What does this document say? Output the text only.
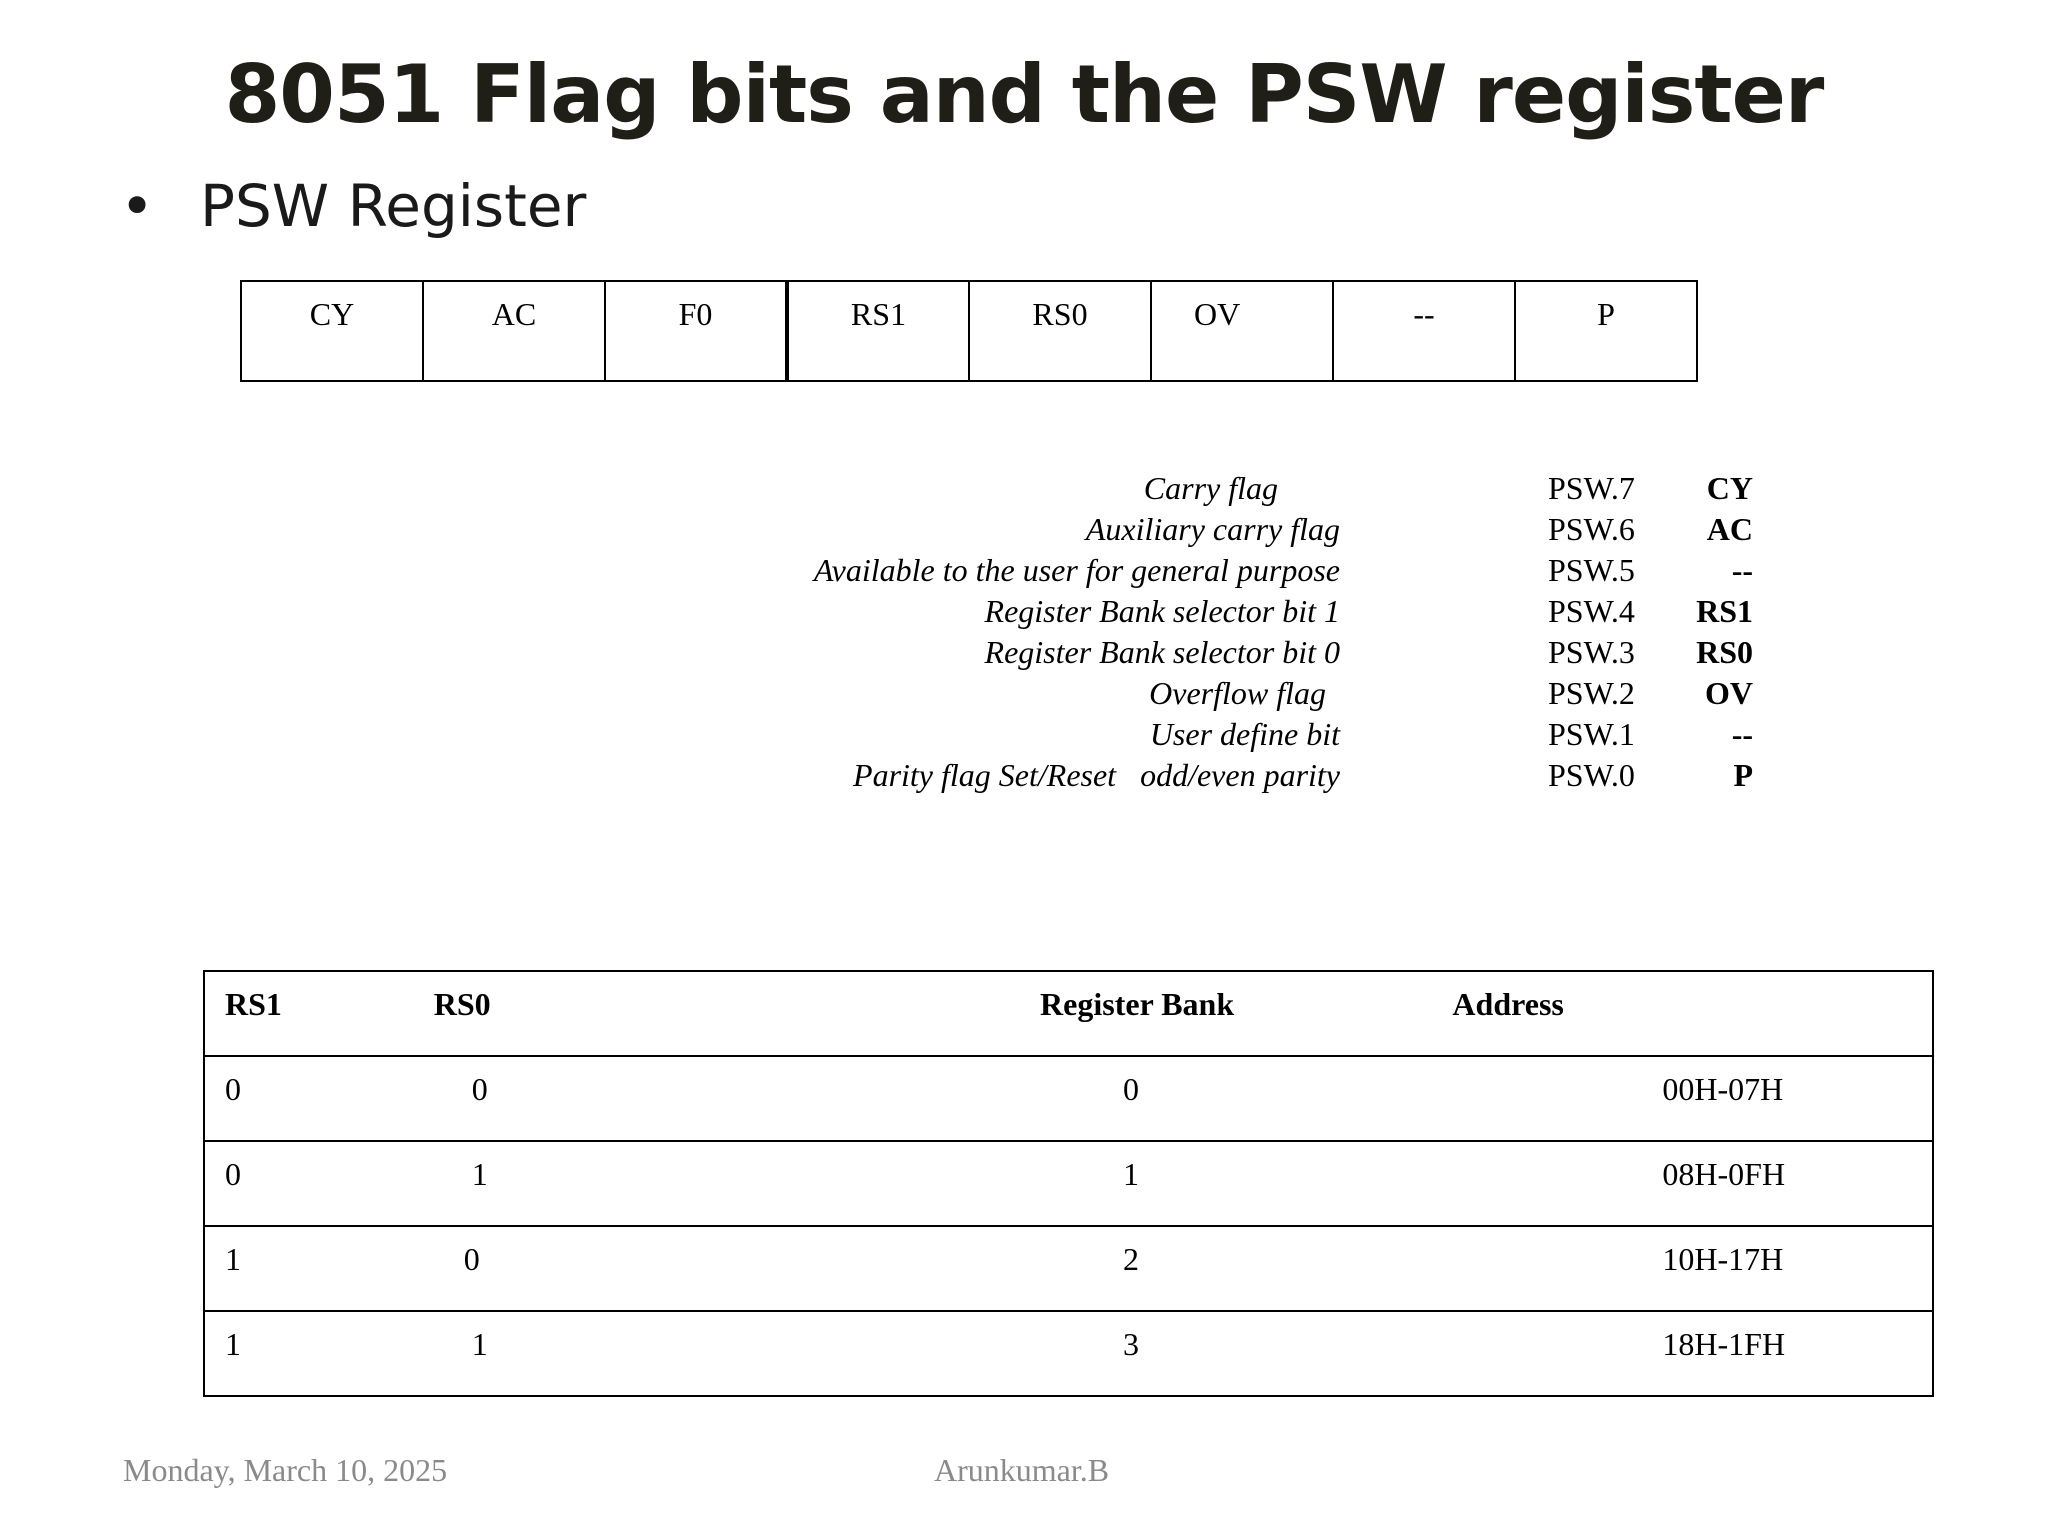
8051 Flag bits and the PSW register
• PSW Register
CY	AC	F0	RS1	RS0	OV	--	P
Carry flag	PSW.7 CY
Auxiliary carry flag	PSW.6 AC
Available to the user for general purpose	PSW.5	--
Register Bank selector bit 1	PSW.4 RS1
Register Bank selector bit 0	PSW.3 RS0
Overflow flag	PSW.2 OV
User define bit	PSW.1	--
Parity flag Set/Reset   odd/even parity	PSW.0	P
RS1	RS0	Register Bank	Address
0	0	0	00H-07H
0	1	1	08H-0FH
1	0	2	10H-17H
1	1	3	18H-1FH
Monday, March 10, 2025	Arunkumar.B
